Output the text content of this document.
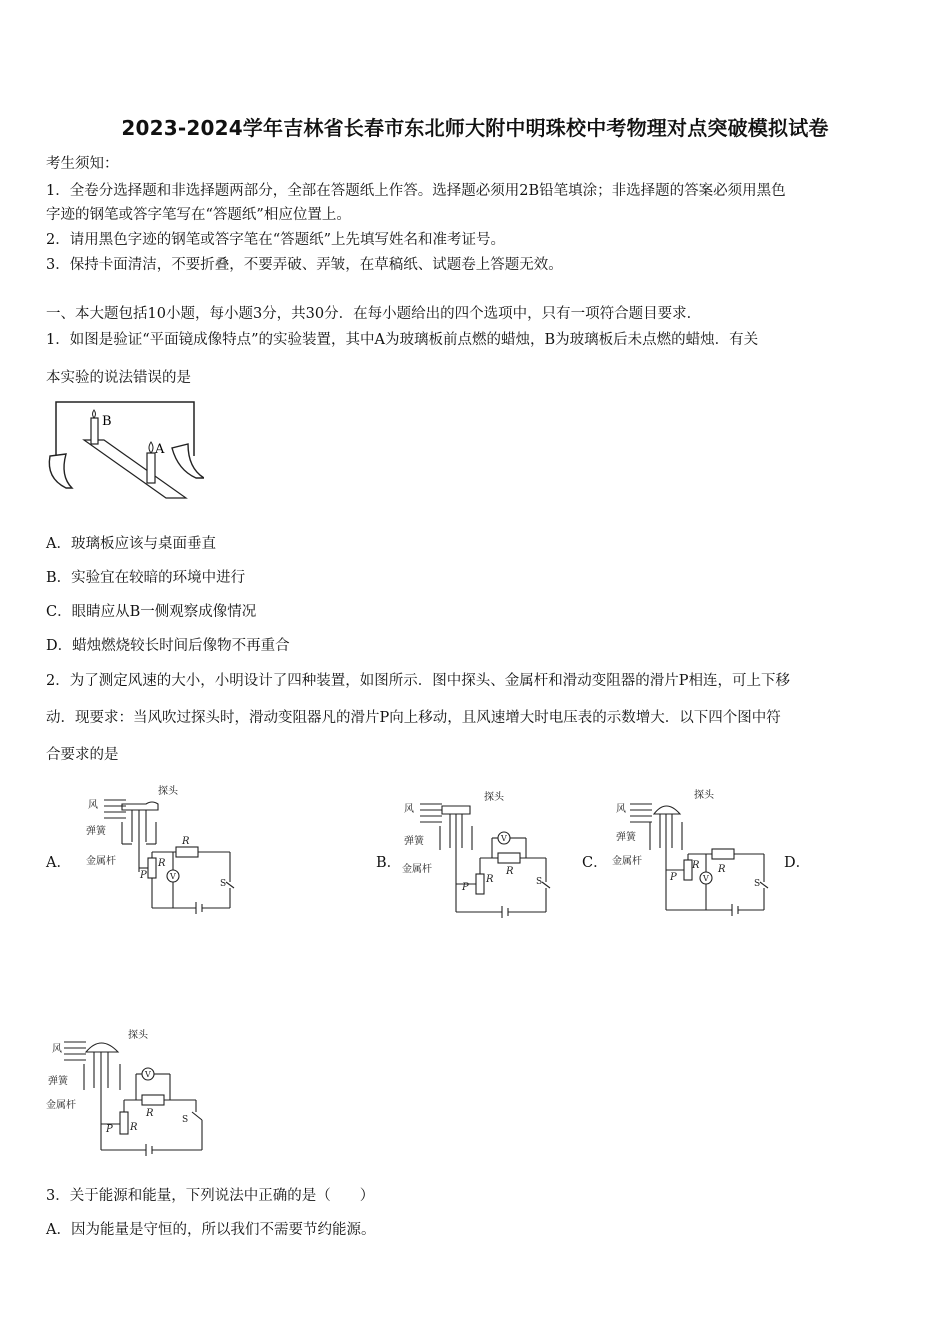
2023-2024学年吉林省长春市东北师大附中明珠校中考物理对点突破模拟试卷
考生须知：
1．全卷分选择题和非选择题两部分，全部在答题纸上作答。选择题必须用2B铅笔填涂；非选择题的答案必须用黑色
字迹的钢笔或答字笔写在“答题纸”相应位置上。
2．请用黑色字迹的钢笔或答字笔在“答题纸”上先填写姓名和准考证号。
3．保持卡面清洁，不要折叠，不要弄破、弄皱，在草稿纸、试题卷上答题无效。
一、本大题包括10小题，每小题3分，共30分．在每小题给出的四个选项中，只有一项符合题目要求．
1．如图是验证“平面镜成像特点”的实验装置，其中A为玻璃板前点燃的蜡烛，B为玻璃板后未点燃的蜡烛．有关
本实验的说法错误的是
B
A
A．玻璃板应该与桌面垂直
B．实验宜在较暗的环境中进行
C．眼睛应从B一侧观察成像情况
D．蜡烛燃烧较长时间后像物不再重合
2．为了测定风速的大小，小明设计了四种装置，如图所示．图中探头、金属杆和滑动变阻器的滑片P相连，可上下移
动．现要求：当风吹过探头时，滑动变阻器凡的滑片P向上移动，且风速增大时电压表的示数增大．以下四个图中符
合要求的是
A．	B．	C．	D．
风
探头
弹簧
金属杆
P
R
R
V
S
风
探头
弹簧
金属杆
P
R
R
V
S
风
探头
弹簧
金属杆
P
R R
V
S
风
探头
弹簧
金属杆
P R
R
V
S
3．关于能源和能量，下列说法中正确的是（　　）
A．因为能量是守恒的，所以我们不需要节约能源。
